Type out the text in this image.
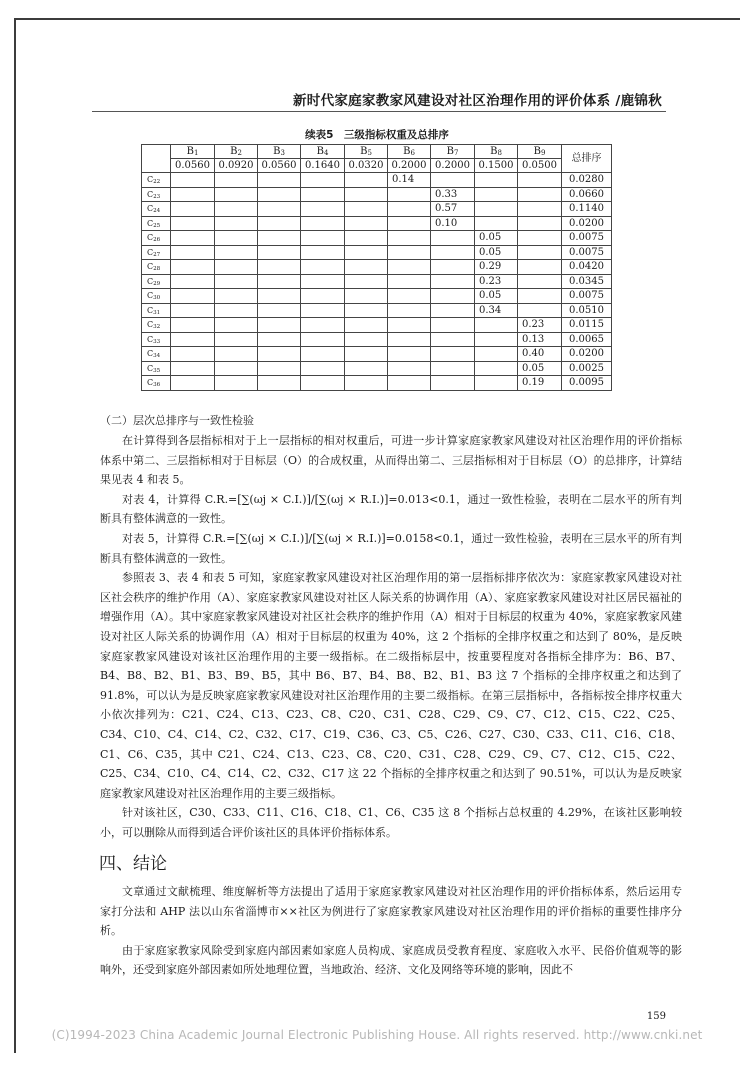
新时代家庭家教家风建设对社区治理作用的评价体系 /鹿锦秋
续表5　三级指标权重及总排序
	$B_1$	$B_2$	$B_3$	$B_4$	$B_5$	$B_6$	$B_7$	$B_8$	$B_9$	总排序
	0.0560	0.0920	0.0560	0.1640	0.0320	0.2000	0.2000	0.1500	0.0500	
$C_{22}$						0.14				0.0280
$C_{23}$							0.33			0.0660
$C_{24}$							0.57			0.1140
$C_{25}$							0.10			0.0200
$C_{26}$								0.05		0.0075
$C_{27}$								0.05		0.0075
$C_{28}$								0.29		0.0420
$C_{29}$								0.23		0.0345
$C_{30}$								0.05		0.0075
$C_{31}$								0.34		0.0510
$C_{32}$									0.23	0.0115
$C_{33}$									0.13	0.0065
$C_{34}$									0.40	0.0200
$C_{35}$									0.05	0.0025
$C_{36}$									0.19	0.0095
（二）层次总排序与一致性检验

在计算得到各层指标相对于上一层指标的相对权重后，可进一步计算家庭家教家风建设对社区治理作用的评价指标体系中第二、三层指标相对于目标层（O）的合成权重，从而得出第二、三层指标相对于目标层（O）的总排序，计算结果见表 4 和表 5。

对表 4，计算得 C.R.=[∑(ωj × C.I.)]/[∑(ωj × R.I.)]=0.013<0.1，通过一致性检验，表明在二层水平的所有判断具有整体满意的一致性。

对表 5，计算得 C.R.=[∑(ωj × C.I.)]/[∑(ωj × R.I.)]=0.0158<0.1，通过一致性检验，表明在三层水平的所有判断具有整体满意的一致性。

参照表 3、表 4 和表 5 可知，家庭家教家风建设对社区治理作用的第一层指标排序依次为：家庭家教家风建设对社区社会秩序的维护作用（A）、家庭家教家风建设对社区人际关系的协调作用（A）、家庭家教家风建设对社区居民福祉的增强作用（A）。其中家庭家教家风建设对社区社会秩序的维护作用（A）相对于目标层的权重为 40%，家庭家教家风建设对社区人际关系的协调作用（A）相对于目标层的权重为 40%，这 2 个指标的全排序权重之和达到了 80%，是反映家庭家教家风建设对该社区治理作用的主要一级指标。在二级指标层中，按重要程度对各指标全排序为：B6、B7、B4、B8、B2、B1、B3、B9、B5，其中 B6、B7、B4、B8、B2、B1、B3 这 7 个指标的全排序权重之和达到了 91.8%，可以认为是反映家庭家教家风建设对社区治理作用的主要二级指标。在第三层指标中，各指标按全排序权重大小依次排列为：C21、C24、C13、C23、C8、C20、C31、C28、C29、C9、C7、C12、C15、C22、C25、C34、C10、C4、C14、C2、C32、C17、C19、C36、C3、C5、C26、C27、C30、C33、C11、C16、C18、C1、C6、C35，其中 C21、C24、C13、C23、C8、C20、C31、C28、C29、C9、C7、C12、C15、C22、C25、C34、C10、C4、C14、C2、C32、C17 这 22 个指标的全排序权重之和达到了 90.51%，可以认为是反映家庭家教家风建设对社区治理作用的主要三级指标。

针对该社区，C30、C33、C11、C16、C18、C1、C6、C35 这 8 个指标占总权重的 4.29%，在该社区影响较小，可以删除从而得到适合评价该社区的具体评价指标体系。

四、结论

文章通过文献梳理、维度解析等方法提出了适用于家庭家教家风建设对社区治理作用的评价指标体系，然后运用专家打分法和 AHP 法以山东省淄博市××社区为例进行了家庭家教家风建设对社区治理作用的评价指标的重要性排序分析。

由于家庭家教家风除受到家庭内部因素如家庭人员构成、家庭成员受教育程度、家庭收入水平、民俗价值观等的影响外，还受到家庭外部因素如所处地理位置，当地政治、经济、文化及网络等环境的影响，因此不

159
(C)1994-2023 China Academic Journal Electronic Publishing House. All rights reserved. http://www.cnki.net
